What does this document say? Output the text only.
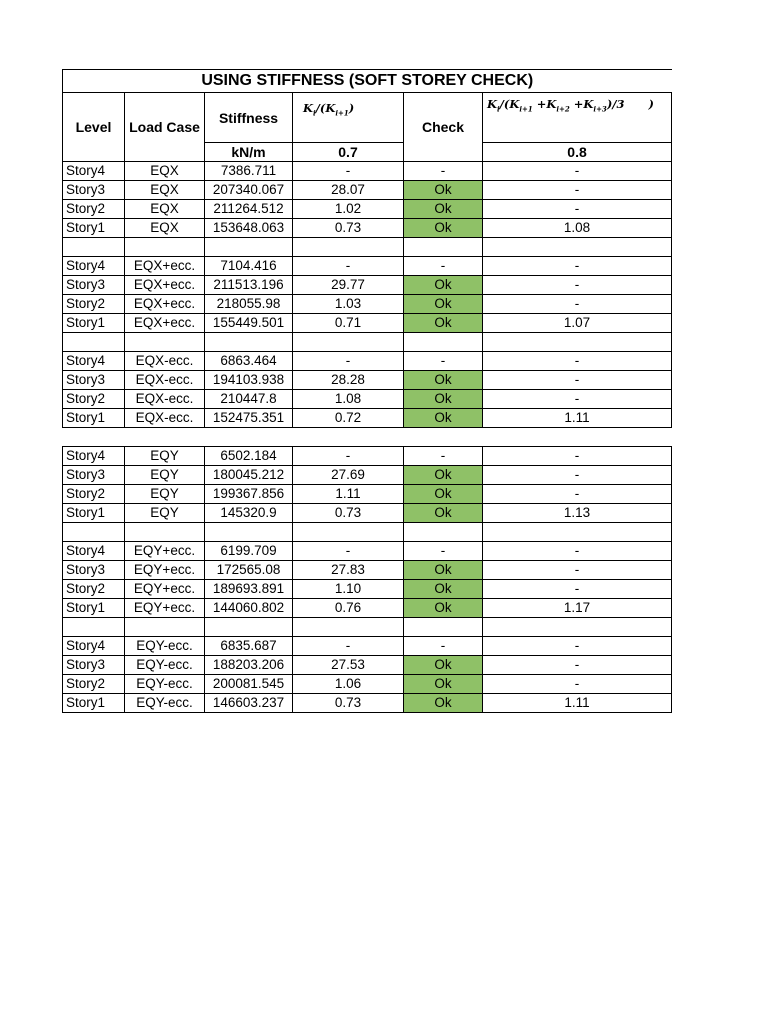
USING STIFFNESS (SOFT STOREY CHECK)					
Level	Load Case	Stiffness	$K_i/(K_{i+1})$	Check	$K_i/(K_{i+1} +K_{i+2} +K_{i+3})/3$      )
		kN/m	0.7		0.8
Story4	EQX	7386.711	-	-	-
Story3	EQX	207340.067	28.07	Ok	-
Story2	EQX	211264.512	1.02	Ok	-
Story1	EQX	153648.063	0.73	Ok	1.08

Story4	EQX+ecc.	7104.416	-	-	-
Story3	EQX+ecc.	211513.196	29.77	Ok	-
Story2	EQX+ecc.	218055.98	1.03	Ok	-
Story1	EQX+ecc.	155449.501	0.71	Ok	1.07

Story4	EQX-ecc.	6863.464	-	-	-
Story3	EQX-ecc.	194103.938	28.28	Ok	-
Story2	EQX-ecc.	210447.8	1.08	Ok	-
Story1	EQX-ecc.	152475.351	0.72	Ok	1.11

Story4	EQY	6502.184	-	-	-
Story3	EQY	180045.212	27.69	Ok	-
Story2	EQY	199367.856	1.11	Ok	-
Story1	EQY	145320.9	0.73	Ok	1.13

Story4	EQY+ecc.	6199.709	-	-	-
Story3	EQY+ecc.	172565.08	27.83	Ok	-
Story2	EQY+ecc.	189693.891	1.10	Ok	-
Story1	EQY+ecc.	144060.802	0.76	Ok	1.17

Story4	EQY-ecc.	6835.687	-	-	-
Story3	EQY-ecc.	188203.206	27.53	Ok	-
Story2	EQY-ecc.	200081.545	1.06	Ok	-
Story1	EQY-ecc.	146603.237	0.73	Ok	1.11
